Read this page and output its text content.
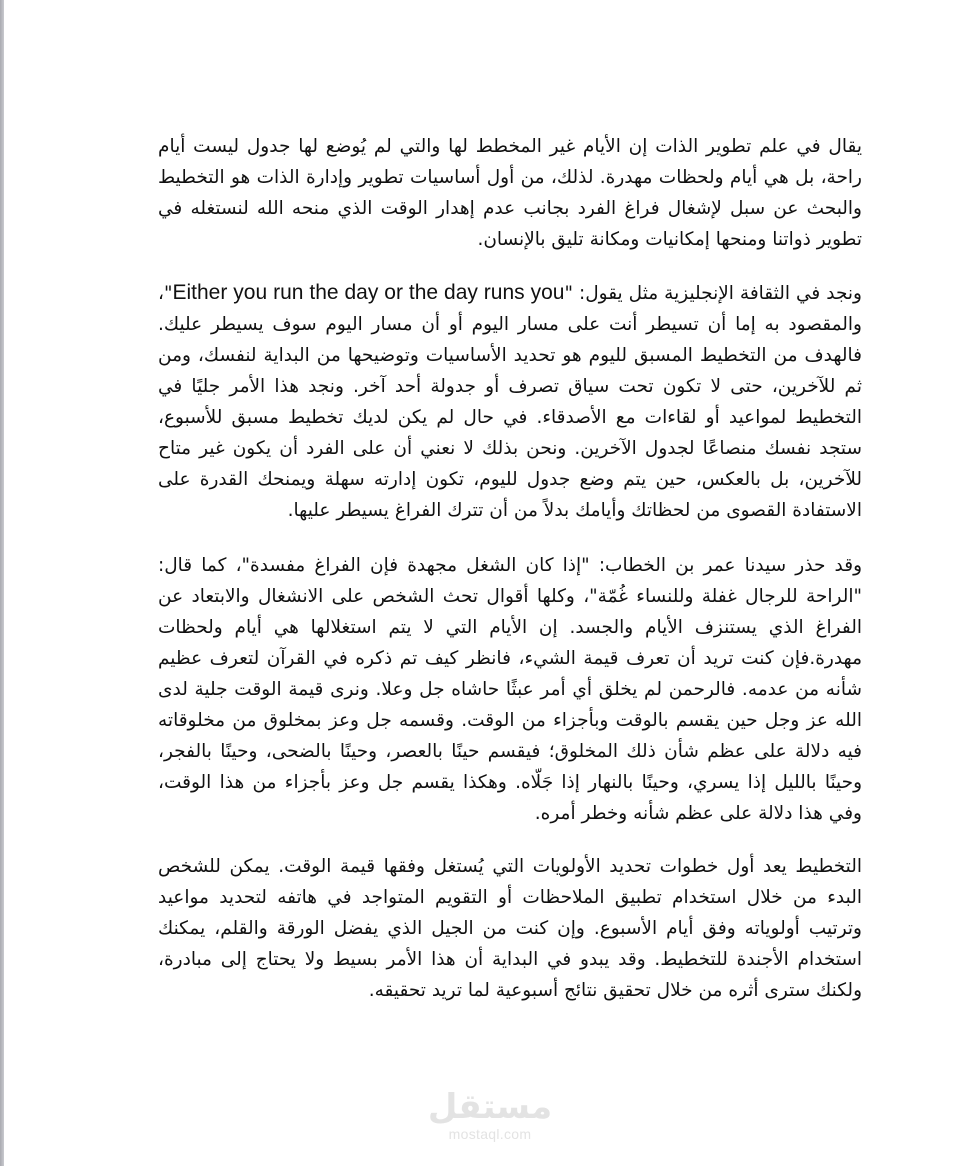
يقال في علم تطوير الذات إن الأيام غير المخطط لها والتي لم يُوضع لها جدول ليست أيام راحة، بل هي أيام ولحظات مهدرة. لذلك، من أول أساسيات تطوير وإدارة الذات هو التخطيط والبحث عن سبل لإشغال فراغ الفرد بجانب عدم إهدار الوقت الذي منحه الله لنستغله في تطوير ذواتنا ومنحها إمكانيات ومكانة تليق بالإنسان.

ونجد في الثقافة الإنجليزية مثل يقول: "Either you run the day or the day runs you"، والمقصود به إما أن تسيطر أنت على مسار اليوم أو أن مسار اليوم سوف يسيطر عليك. فالهدف من التخطيط المسبق لليوم هو تحديد الأساسيات وتوضيحها من البداية لنفسك، ومن ثم للآخرين، حتى لا تكون تحت سياق تصرف أو جدولة أحد آخر. ونجد هذا الأمر جليًا في التخطيط لمواعيد أو لقاءات مع الأصدقاء. في حال لم يكن لديك تخطيط مسبق للأسبوع، ستجد نفسك منصاعًا لجدول الآخرين. ونحن بذلك لا نعني أن على الفرد أن يكون غير متاح للآخرين، بل بالعكس، حين يتم وضع جدول لليوم، تكون إدارته سهلة ويمنحك القدرة على الاستفادة القصوى من لحظاتك وأيامك بدلاً من أن تترك الفراغ يسيطر عليها.

وقد حذر سيدنا عمر بن الخطاب: "إذا كان الشغل مجهدة فإن الفراغ مفسدة"، كما قال: "الراحة للرجال غفلة وللنساء غُمّة"، وكلها أقوال تحث الشخص على الانشغال والابتعاد عن الفراغ الذي يستنزف الأيام والجسد. إن الأيام التي لا يتم استغلالها هي أيام ولحظات مهدرة.فإن كنت تريد أن تعرف قيمة الشيء، فانظر كيف تم ذكره في القرآن لتعرف عظيم شأنه من عدمه. فالرحمن لم يخلق أي أمر عبثًا حاشاه جل وعلا. ونرى قيمة الوقت جلية لدى الله عز وجل حين يقسم بالوقت وبأجزاء من الوقت. وقسمه جل وعز بمخلوق من مخلوقاته فيه دلالة على عظم شأن ذلك المخلوق؛ فيقسم حينًا بالعصر، وحينًا بالضحى، وحينًا بالفجر، وحينًا بالليل إذا يسري، وحينًا بالنهار إذا جَلّاه. وهكذا يقسم جل وعز بأجزاء من هذا الوقت، وفي هذا دلالة على عظم شأنه وخطر أمره.

التخطيط يعد أول خطوات تحديد الأولويات التي يُستغل وفقها قيمة الوقت. يمكن للشخص البدء من خلال استخدام تطبيق الملاحظات أو التقويم المتواجد في هاتفه لتحديد مواعيد وترتيب أولوياته وفق أيام الأسبوع. وإن كنت من الجيل الذي يفضل الورقة والقلم، يمكنك استخدام الأجندة للتخطيط. وقد يبدو في البداية أن هذا الأمر بسيط ولا يحتاج إلى مبادرة، ولكنك سترى أثره من خلال تحقيق نتائج أسبوعية لما تريد تحقيقه.

مستقل
mostaql.com
